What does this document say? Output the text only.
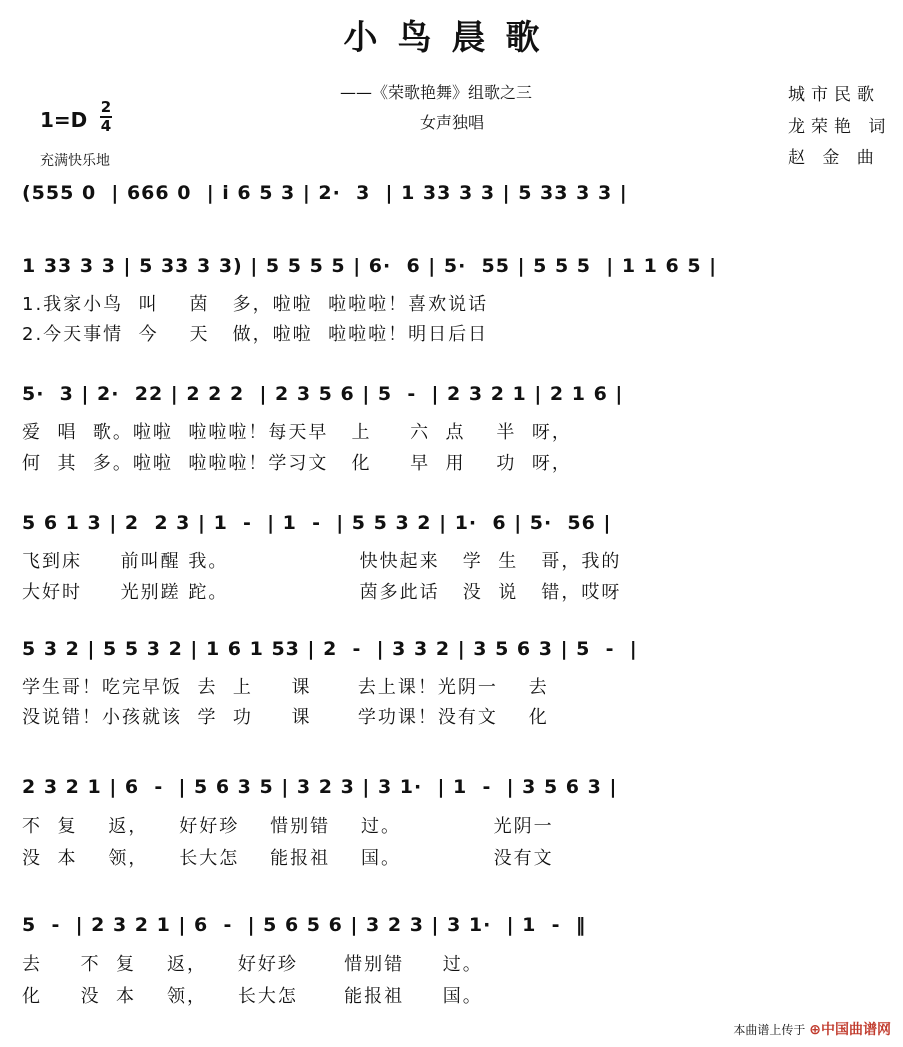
小鸟晨歌
——《荣歌艳舞》组歌之三
女声独唱
城市民歌
龙荣艳 词
赵 金 曲
1=D
2
4
充满快乐地
(555 0  | 666 0  | i 6 5 3 | 2·  3  | 1 33 3 3 | 5 33 3 3 |
1 33 3 3 | 5 33 3 3) | 5 5 5 5 | 6·  6 | 5·  55 | 5 5 5  | 1 1 6 5 |
1.我家小鸟  叫    茵   多，啦啦  啦啦啦！喜欢说话
2.今天事情  今    天   做，啦啦  啦啦啦！明日后日
5·  3 | 2·  22 | 2 2 2  | 2 3 5 6 | 5  -  | 2 3 2 1 | 2 1 6 |
爱  唱  歌。啦啦  啦啦啦！每天早   上     六  点    半  呀，
何  其  多。啦啦  啦啦啦！学习文   化     早  用    功  呀，
5 6 1 3 | 2  2 3 | 1  -  | 1  -  | 5 5 3 2 | 1·  6 | 5·  56 |
飞到床     前叫醒 我。                 快快起来   学  生   哥，我的
大好时     光别蹉 跎。                 茵多此话   没  说   错，哎呀
5 3 2 | 5 5 3 2 | 1 6 1 53 | 2  -  | 3 3 2 | 3 5 6 3 | 5  -  |
学生哥！吃完早饭  去  上     课      去上课！光阴一    去
没说错！小孩就该  学  功     课      学功课！没有文    化
2 3 2 1 | 6  -  | 5 6 3 5 | 3 2 3 | 3 1·  | 1  -  | 3 5 6 3 |
不  复    返，    好好珍    惜别错    过。            光阴一
没  本    领，    长大怎    能报祖    国。            没有文
5  -  | 2 3 2 1 | 6  -  | 5 6 5 6 | 3 2 3 | 3 1·  | 1  -  ‖
去     不  复    返，    好好珍      惜别错     过。
化     没  本    领，    长大怎      能报祖     国。
本曲谱上传于 ⊕中国曲谱网
